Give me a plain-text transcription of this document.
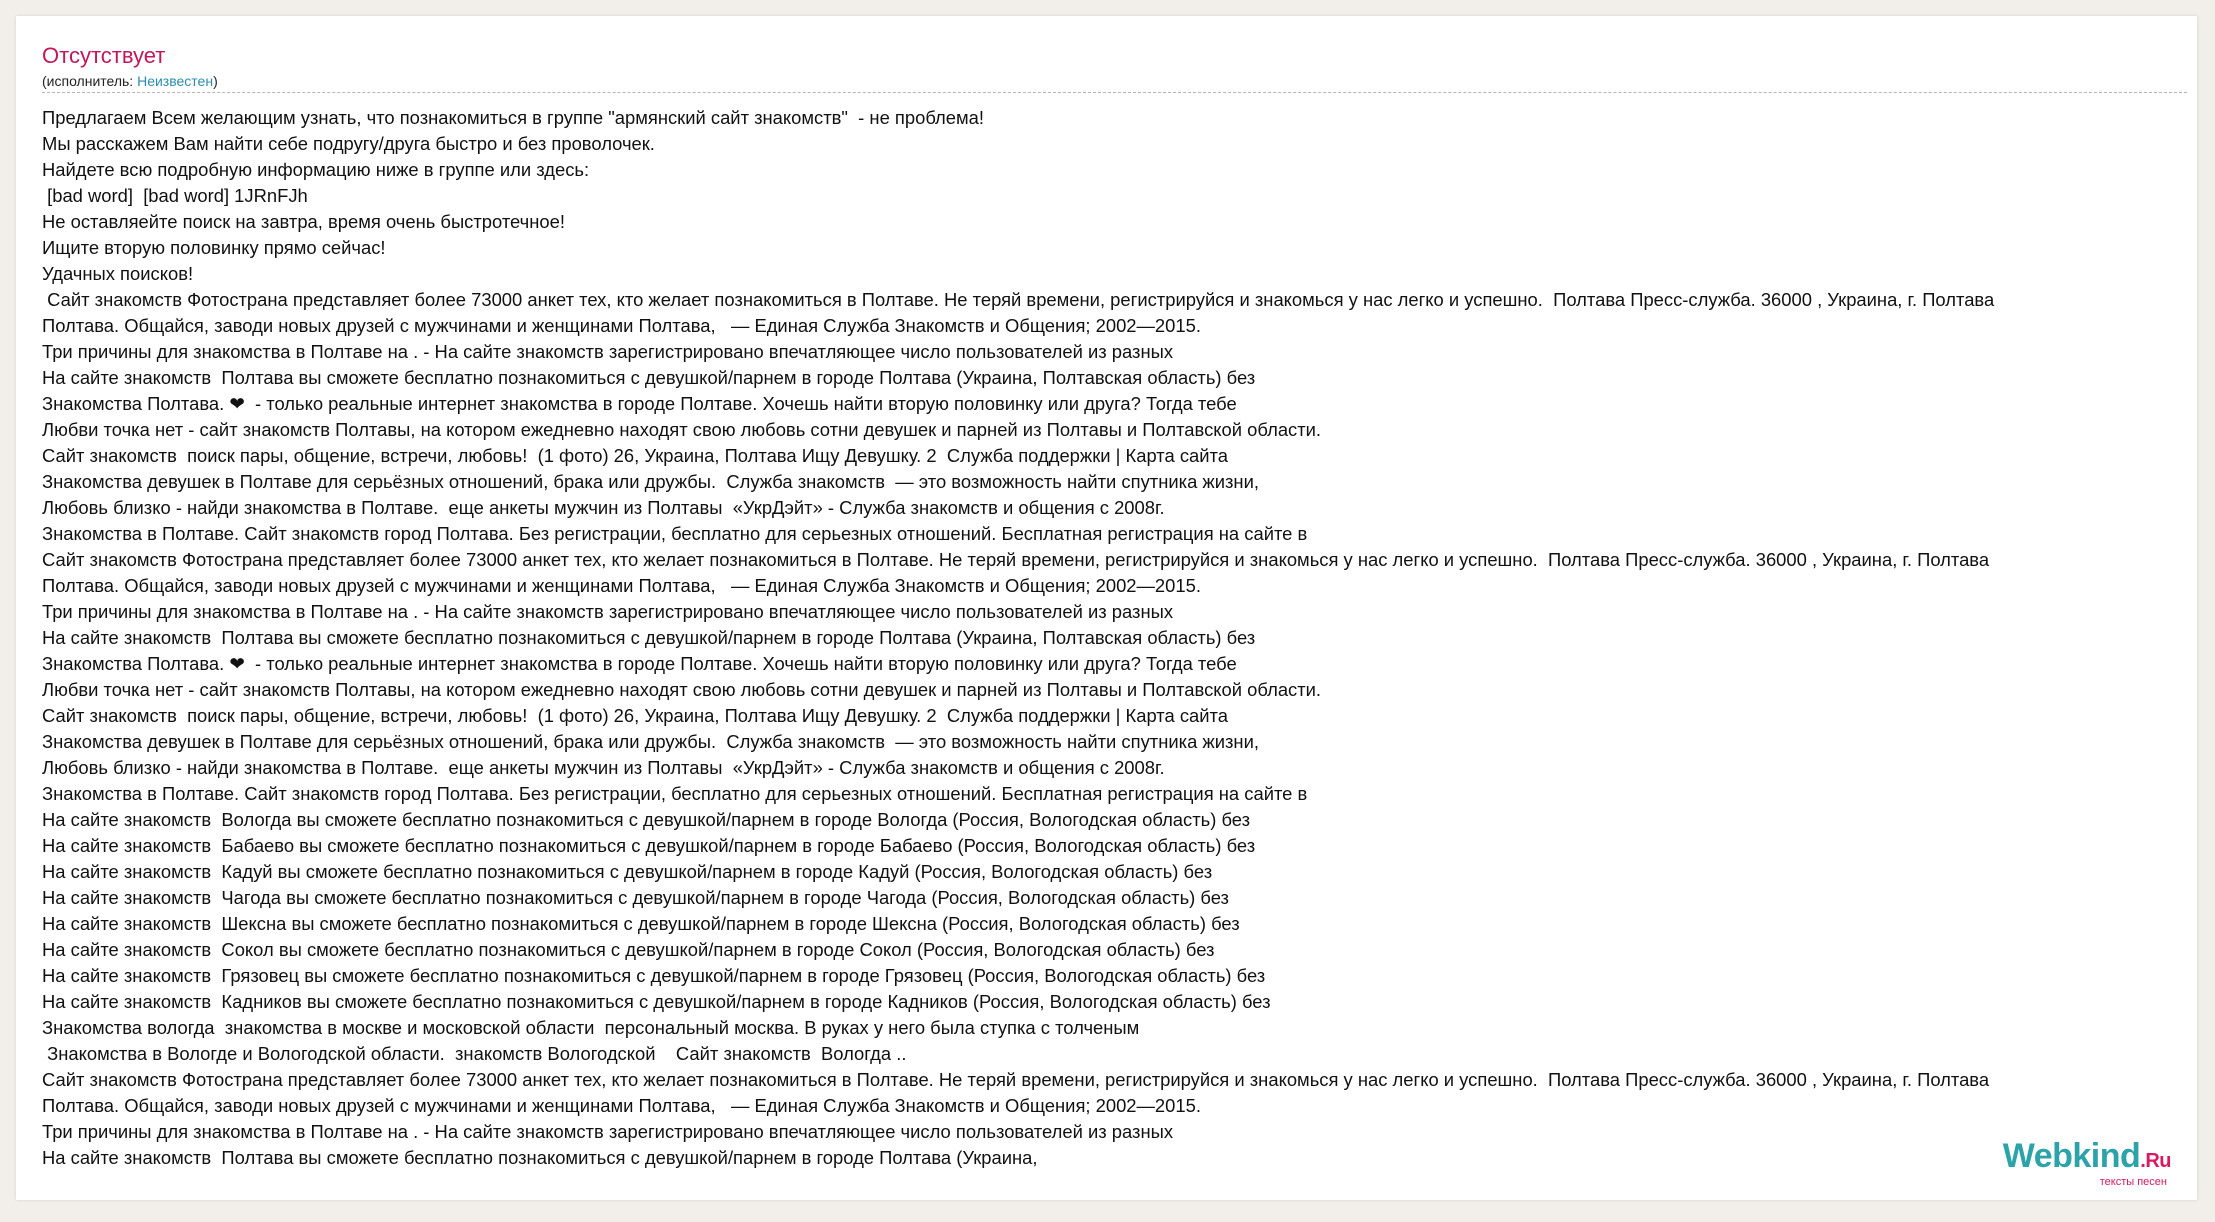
Отсутствует
(исполнитель: Неизвестен)
Предлагаем Всем желающим узнать, что познакомиться в группе "армянский сайт знакомств"  - не проблема!
Мы расскажем Вам найти себе подругу/друга быстро и без проволочек.
Найдете всю подробную информацию ниже в группе или здесь:
[bad word]  [bad word] 1JRnFJh
Не оставляейте поиск на завтра, время очень быстротечное!
Ищите вторую половинку прямо сейчас!
Удачных поисков!
Сайт знакомств Фотострана представляет более 73000 анкет тех, кто желает познакомиться в Полтаве. Не теряй времени, регистрируйся и знакомься у нас легко и успешно.  Полтава Пресс-служба. 36000 , Украина, г. Полтава
Полтава. Общайся, заводи новых друзей с мужчинами и женщинами Полтава,   — Единая Служба Знакомств и Общения; 2002—2015.
Три причины для знакомства в Полтаве на . - На сайте знакомств зарегистрировано впечатляющее число пользователей из разных
На сайте знакомств  Полтава вы сможете бесплатно познакомиться с девушкой/парнем в городе Полтава (Украина, Полтавская область) без
Знакомства Полтава. ❤  - только реальные интернет знакомства в городе Полтаве. Хочешь найти вторую половинку или друга? Тогда тебе
Любви точка нет - сайт знакомств Полтавы, на котором ежедневно находят свою любовь сотни девушек и парней из Полтавы и Полтавской области.
Сайт знакомств  поиск пары, общение, встречи, любовь!  (1 фото) 26, Украина, Полтава Ищу Девушку. 2  Служба поддержки | Карта сайта
Знакомства девушек в Полтаве для серьёзных отношений, брака или дружбы.  Служба знакомств  — это возможность найти спутника жизни,
Любовь близко - найди знакомства в Полтаве.  еще анкеты мужчин из Полтавы  «УкрДэйт» - Служба знакомств и общения с 2008г.
Знакомства в Полтаве. Сайт знакомств город Полтава. Без регистрации, бесплатно для серьезных отношений. Бесплатная регистрация на сайте в
Сайт знакомств Фотострана представляет более 73000 анкет тех, кто желает познакомиться в Полтаве. Не теряй времени, регистрируйся и знакомься у нас легко и успешно.  Полтава Пресс-служба. 36000 , Украина, г. Полтава
Полтава. Общайся, заводи новых друзей с мужчинами и женщинами Полтава,   — Единая Служба Знакомств и Общения; 2002—2015.
Три причины для знакомства в Полтаве на . - На сайте знакомств зарегистрировано впечатляющее число пользователей из разных
На сайте знакомств  Полтава вы сможете бесплатно познакомиться с девушкой/парнем в городе Полтава (Украина, Полтавская область) без
Знакомства Полтава. ❤  - только реальные интернет знакомства в городе Полтаве. Хочешь найти вторую половинку или друга? Тогда тебе
Любви точка нет - сайт знакомств Полтавы, на котором ежедневно находят свою любовь сотни девушек и парней из Полтавы и Полтавской области.
Сайт знакомств  поиск пары, общение, встречи, любовь!  (1 фото) 26, Украина, Полтава Ищу Девушку. 2  Служба поддержки | Карта сайта
Знакомства девушек в Полтаве для серьёзных отношений, брака или дружбы.  Служба знакомств  — это возможность найти спутника жизни,
Любовь близко - найди знакомства в Полтаве.  еще анкеты мужчин из Полтавы  «УкрДэйт» - Служба знакомств и общения с 2008г.
Знакомства в Полтаве. Сайт знакомств город Полтава. Без регистрации, бесплатно для серьезных отношений. Бесплатная регистрация на сайте в
На сайте знакомств  Вологда вы сможете бесплатно познакомиться с девушкой/парнем в городе Вологда (Россия, Вологодская область) без
На сайте знакомств  Бабаево вы сможете бесплатно познакомиться с девушкой/парнем в городе Бабаево (Россия, Вологодская область) без
На сайте знакомств  Кадуй вы сможете бесплатно познакомиться с девушкой/парнем в городе Кадуй (Россия, Вологодская область) без
На сайте знакомств  Чагода вы сможете бесплатно познакомиться с девушкой/парнем в городе Чагода (Россия, Вологодская область) без
На сайте знакомств  Шексна вы сможете бесплатно познакомиться с девушкой/парнем в городе Шексна (Россия, Вологодская область) без
На сайте знакомств  Сокол вы сможете бесплатно познакомиться с девушкой/парнем в городе Сокол (Россия, Вологодская область) без
На сайте знакомств  Грязовец вы сможете бесплатно познакомиться с девушкой/парнем в городе Грязовец (Россия, Вологодская область) без
На сайте знакомств  Кадников вы сможете бесплатно познакомиться с девушкой/парнем в городе Кадников (Россия, Вологодская область) без
Знакомства вологда  знакомства в москве и московской области  персональный москва. В руках у него была ступка с толченым
Знакомства в Вологде и Вологодской области.  знакомств Вологодской    Сайт знакомств  Вологда ..
Сайт знакомств Фотострана представляет более 73000 анкет тех, кто желает познакомиться в Полтаве. Не теряй времени, регистрируйся и знакомься у нас легко и успешно.  Полтава Пресс-служба. 36000 , Украина, г. Полтава
Полтава. Общайся, заводи новых друзей с мужчинами и женщинами Полтава,   — Единая Служба Знакомств и Общения; 2002—2015.
Три причины для знакомства в Полтаве на . - На сайте знакомств зарегистрировано впечатляющее число пользователей из разных
На сайте знакомств  Полтава вы сможете бесплатно познакомиться с девушкой/парнем в городе Полтава (Украина,	Webkind.Ru
тексты песен
